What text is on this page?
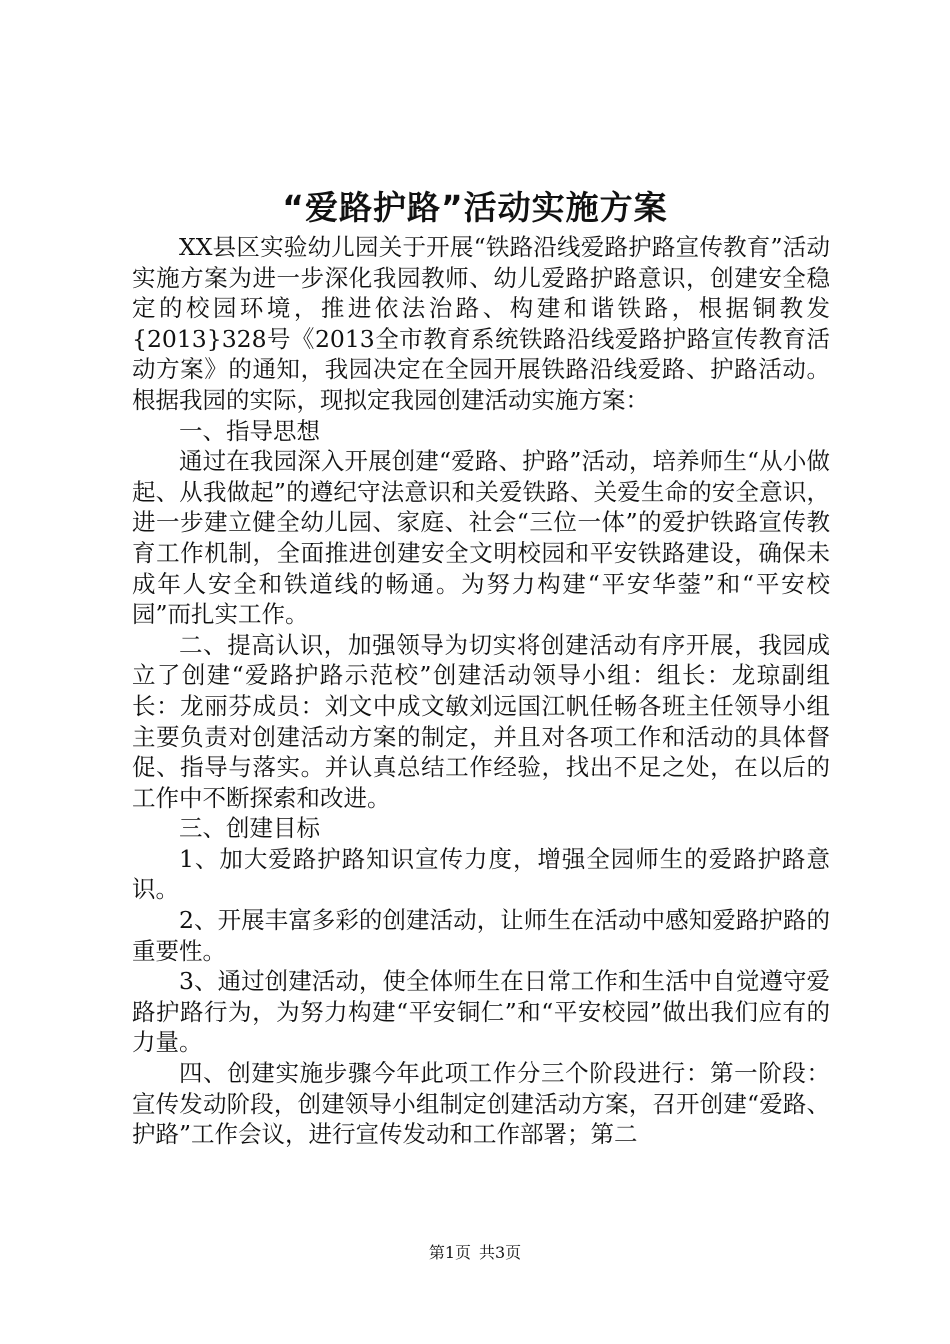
“爱路护路”活动实施方案

XX县区实验幼儿园关于开展“铁路沿线爱路护路宣传教育”活动实施方案为进一步深化我园教师、幼儿爱路护路意识，创建安全稳定的校园环境，推进依法治路、构建和谐铁路，根据铜教发{2013}328号《2013全市教育系统铁路沿线爱路护路宣传教育活动方案》的通知，我园决定在全园开展铁路沿线爱路、护路活动。根据我园的实际，现拟定我园创建活动实施方案：

一、指导思想

通过在我园深入开展创建“爱路、护路”活动，培养师生“从小做起、从我做起”的遵纪守法意识和关爱铁路、关爱生命的安全意识，进一步建立健全幼儿园、家庭、社会“三位一体”的爱护铁路宣传教育工作机制，全面推进创建安全文明校园和平安铁路建设，确保未成年人安全和铁道线的畅通。为努力构建“平安华蓥”和“平安校园”而扎实工作。

二、提高认识，加强领导为切实将创建活动有序开展，我园成立了创建“爱路护路示范校”创建活动领导小组：组长：龙琼副组长：龙丽芬成员：刘文中成文敏刘远国江帆任畅各班主任领导小组主要负责对创建活动方案的制定，并且对各项工作和活动的具体督促、指导与落实。并认真总结工作经验，找出不足之处，在以后的工作中不断探索和改进。

三、创建目标

1、加大爱路护路知识宣传力度，增强全园师生的爱路护路意识。

2、开展丰富多彩的创建活动，让师生在活动中感知爱路护路的重要性。

3、通过创建活动，使全体师生在日常工作和生活中自觉遵守爱路护路行为，为努力构建“平安铜仁”和“平安校园”做出我们应有的力量。

四、创建实施步骤今年此项工作分三个阶段进行：第一阶段：宣传发动阶段，创建领导小组制定创建活动方案，召开创建“爱路、护路”工作会议，进行宣传发动和工作部署；第二

第1页 共3页
